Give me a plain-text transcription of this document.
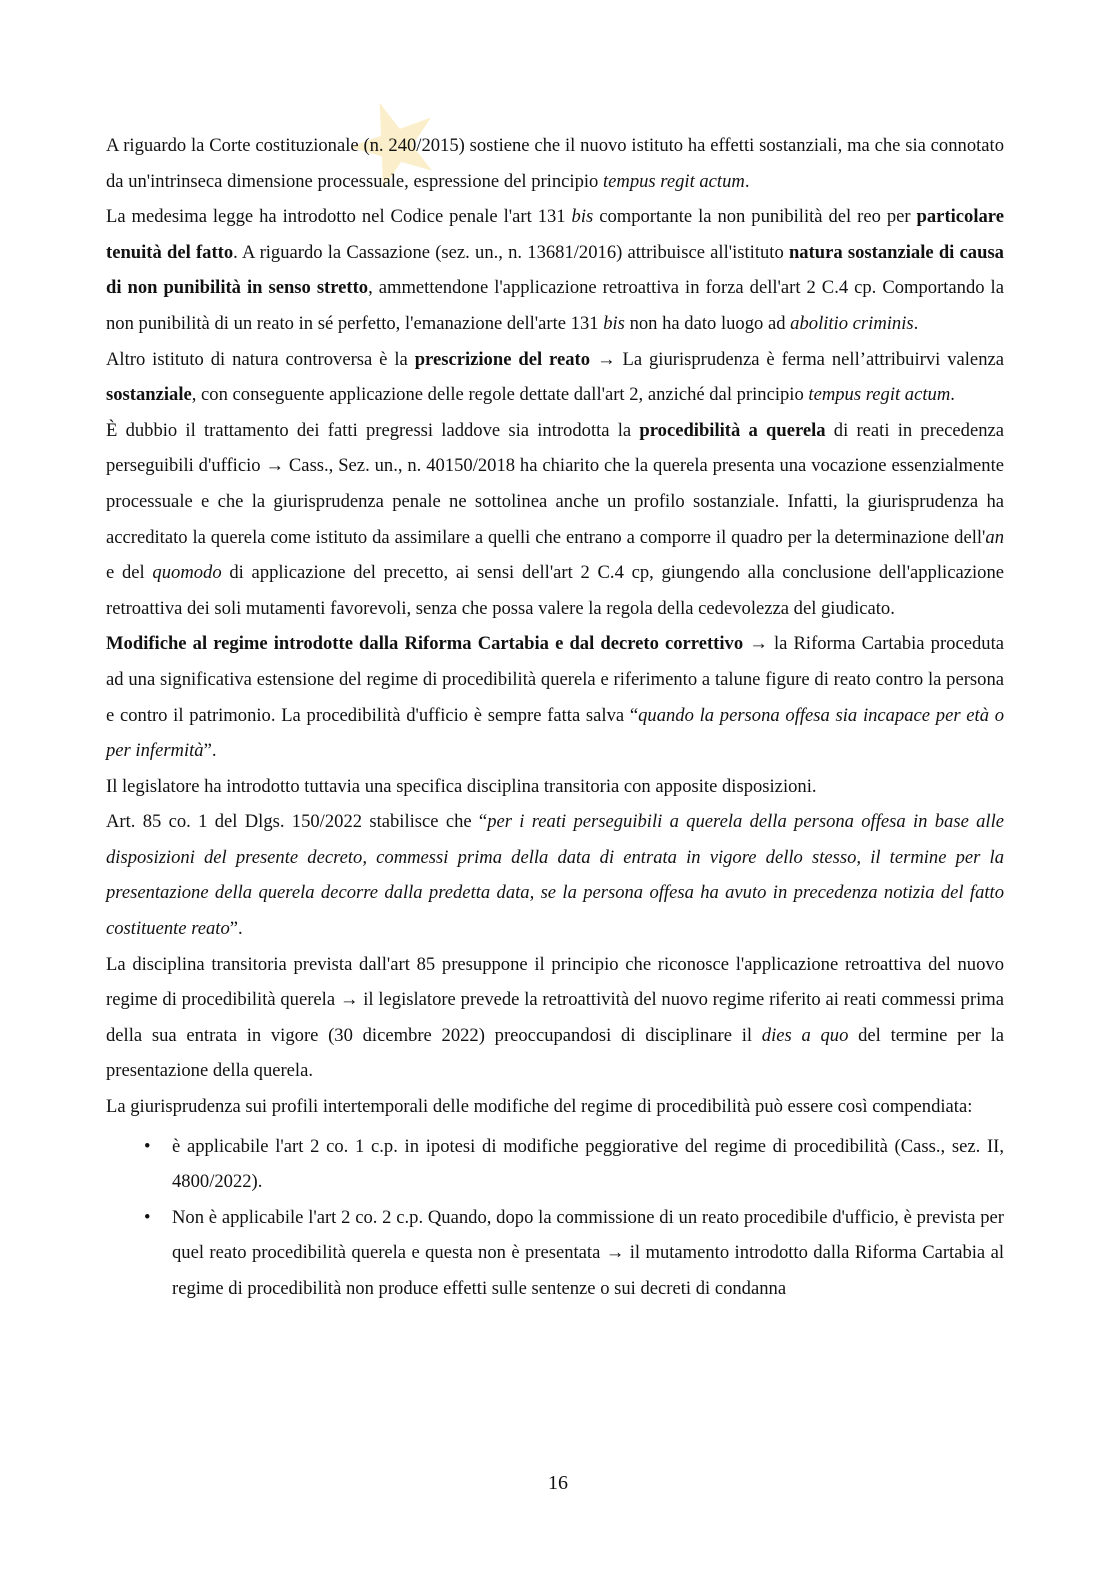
A riguardo la Corte costituzionale (n. 240/2015) sostiene che il nuovo istituto ha effetti sostanziali, ma che sia connotato da un'intrinseca dimensione processuale, espressione del principio tempus regit actum.

La medesima legge ha introdotto nel Codice penale l'art 131 bis comportante la non punibilità del reo per particolare tenuità del fatto. A riguardo la Cassazione (sez. un., n. 13681/2016) attribuisce all'istituto natura sostanziale di causa di non punibilità in senso stretto, ammettendone l'applicazione retroattiva in forza dell'art 2 C.4 cp. Comportando la non punibilità di un reato in sé perfetto, l'emanazione dell'arte 131 bis non ha dato luogo ad abolitio criminis.

Altro istituto di natura controversa è la prescrizione del reato → La giurisprudenza è ferma nell’attribuirvi valenza sostanziale, con conseguente applicazione delle regole dettate dall'art 2, anziché dal principio tempus regit actum.

È dubbio il trattamento dei fatti pregressi laddove sia introdotta la procedibilità a querela di reati in precedenza perseguibili d'ufficio → Cass., Sez. un., n. 40150/2018 ha chiarito che la querela presenta una vocazione essenzialmente processuale e che la giurisprudenza penale ne sottolinea anche un profilo sostanziale. Infatti, la giurisprudenza ha accreditato la querela come istituto da assimilare a quelli che entrano a comporre il quadro per la determinazione dell'an e del quomodo di applicazione del precetto, ai sensi dell'art 2 C.4 cp, giungendo alla conclusione dell'applicazione retroattiva dei soli mutamenti favorevoli, senza che possa valere la regola della cedevolezza del giudicato.

Modifiche al regime introdotte dalla Riforma Cartabia e dal decreto correttivo → la Riforma Cartabia proceduta ad una significativa estensione del regime di procedibilità querela e riferimento a talune figure di reato contro la persona e contro il patrimonio. La procedibilità d'ufficio è sempre fatta salva “quando la persona offesa sia incapace per età o per infermità”.

Il legislatore ha introdotto tuttavia una specifica disciplina transitoria con apposite disposizioni.

Art. 85 co. 1 del Dlgs. 150/2022 stabilisce che “per i reati perseguibili a querela della persona offesa in base alle disposizioni del presente decreto, commessi prima della data di entrata in vigore dello stesso, il termine per la presentazione della querela decorre dalla predetta data, se la persona offesa ha avuto in precedenza notizia del fatto costituente reato”.

La disciplina transitoria prevista dall'art 85 presuppone il principio che riconosce l'applicazione retroattiva del nuovo regime di procedibilità querela → il legislatore prevede la retroattività del nuovo regime riferito ai reati commessi prima della sua entrata in vigore (30 dicembre 2022) preoccupandosi di disciplinare il dies a quo del termine per la presentazione della querela.

La giurisprudenza sui profili intertemporali delle modifiche del regime di procedibilità può essere così compendiata:

• è applicabile l'art 2 co. 1 c.p. in ipotesi di modifiche peggiorative del regime di procedibilità (Cass., sez. II, 4800/2022).
• Non è applicabile l'art 2 co. 2 c.p. Quando, dopo la commissione di un reato procedibile d'ufficio, è prevista per quel reato procedibilità querela e questa non è presentata → il mutamento introdotto dalla Riforma Cartabia al regime di procedibilità non produce effetti sulle sentenze o sui decreti di condanna
16
